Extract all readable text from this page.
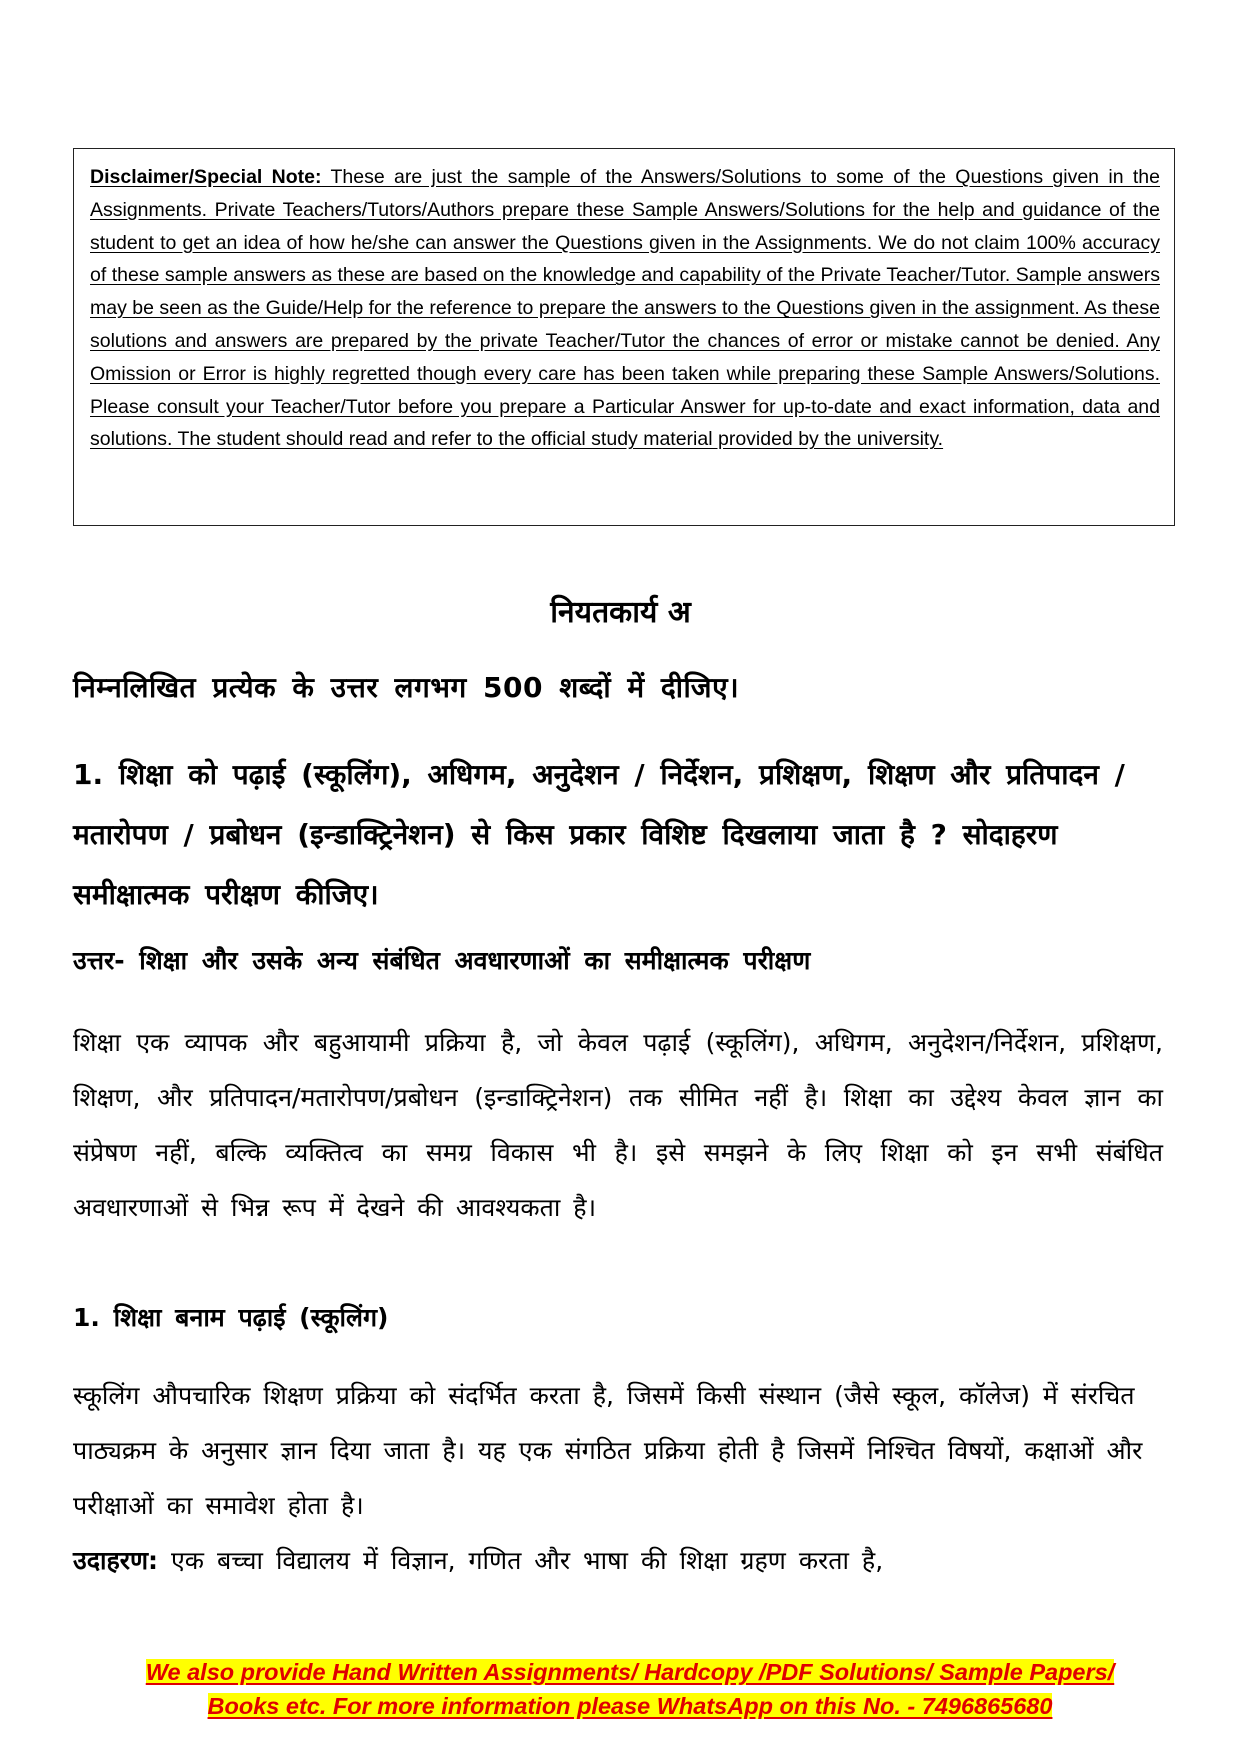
Disclaimer/Special Note: These are just the sample of the Answers/Solutions to some of the Questions given in the Assignments. Private Teachers/Tutors/Authors prepare these Sample Answers/Solutions for the help and guidance of the student to get an idea of how he/she can answer the Questions given in the Assignments. We do not claim 100% accuracy of these sample answers as these are based on the knowledge and capability of the Private Teacher/Tutor. Sample answers may be seen as the Guide/Help for the reference to prepare the answers to the Questions given in the assignment. As these solutions and answers are prepared by the private Teacher/Tutor the chances of error or mistake cannot be denied. Any Omission or Error is highly regretted though every care has been taken while preparing these Sample Answers/Solutions. Please consult your Teacher/Tutor before you prepare a Particular Answer for up-to-date and exact information, data and solutions. The student should read and refer to the official study material provided by the university.
नियतकार्य अ
निम्नलिखित प्रत्येक के उत्तर लगभग 500 शब्दों में दीजिए।
1. शिक्षा को पढ़ाई (स्कूलिंग), अधिगम, अनुदेशन / निर्देशन, प्रशिक्षण, शिक्षण और प्रतिपादन / मतारोपण / प्रबोधन (इन्डाक्ट्रिनेशन) से किस प्रकार विशिष्ट दिखलाया जाता है ? सोदाहरण समीक्षात्मक परीक्षण कीजिए।
उत्तर- शिक्षा और उसके अन्य संबंधित अवधारणाओं का समीक्षात्मक परीक्षण
शिक्षा एक व्यापक और बहुआयामी प्रक्रिया है, जो केवल पढ़ाई (स्कूलिंग), अधिगम, अनुदेशन/निर्देशन, प्रशिक्षण, शिक्षण, और प्रतिपादन/मतारोपण/प्रबोधन (इन्डाक्ट्रिनेशन) तक सीमित नहीं है। शिक्षा का उद्देश्य केवल ज्ञान का संप्रेषण नहीं, बल्कि व्यक्तित्व का समग्र विकास भी है। इसे समझने के लिए शिक्षा को इन सभी संबंधित अवधारणाओं से भिन्न रूप में देखने की आवश्यकता है।
1. शिक्षा बनाम पढ़ाई (स्कूलिंग)
स्कूलिंग औपचारिक शिक्षण प्रक्रिया को संदर्भित करता है, जिसमें किसी संस्थान (जैसे स्कूल, कॉलेज) में संरचित पाठ्यक्रम के अनुसार ज्ञान दिया जाता है। यह एक संगठित प्रक्रिया होती है जिसमें निश्चित विषयों, कक्षाओं और परीक्षाओं का समावेश होता है।
उदाहरण: एक बच्चा विद्यालय में विज्ञान, गणित और भाषा की शिक्षा ग्रहण करता है,
We also provide Hand Written Assignments/ Hardcopy /PDF Solutions/ Sample Papers/
Books etc. For more information please WhatsApp on this No. - 7496865680
